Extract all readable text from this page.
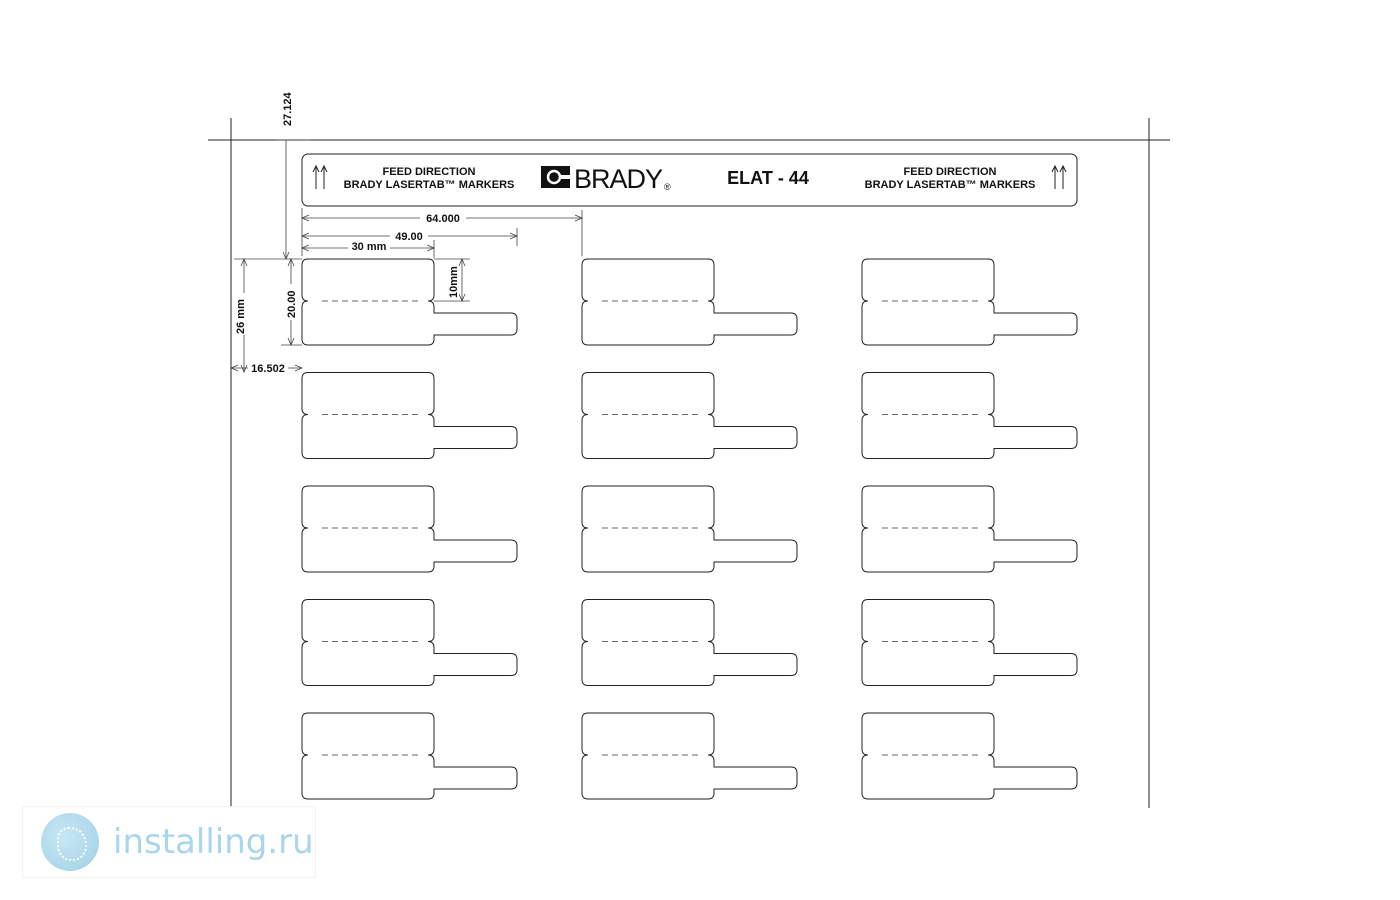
FEED DIRECTION
BRADY LASERTAB™ MARKERS BRADY ®	ELAT - 44	FEED DIRECTION
BRADY LASERTAB™ MARKERS
27.124
64.000
49.00
30 mm
10mm
20.00
26 mm
16.502
installing.ru
